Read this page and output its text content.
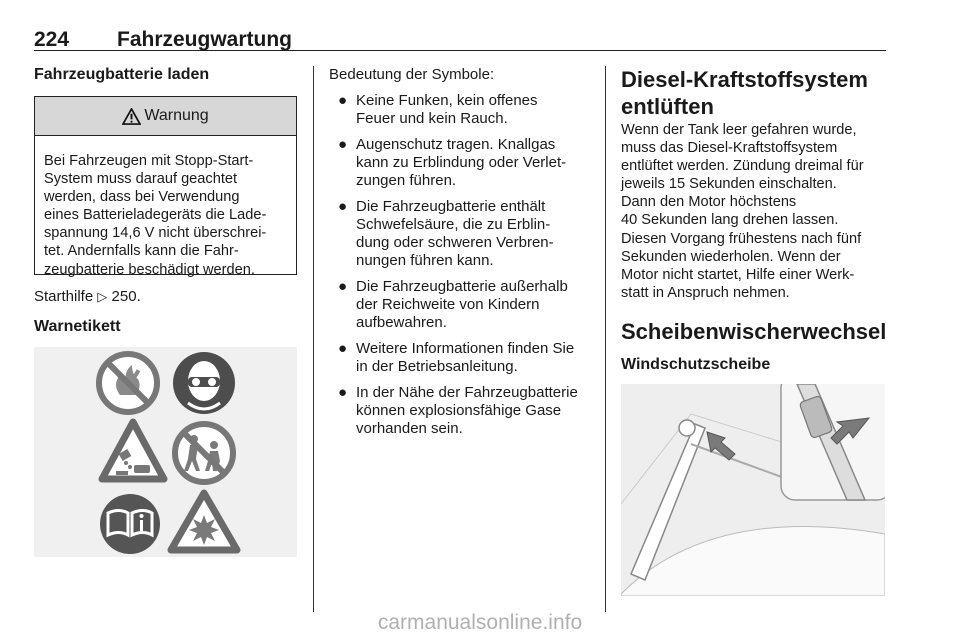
224 Fahrzeugwartung
Fahrzeugbatterie laden
Warnung
Bei Fahrzeugen mit Stopp-Start-
System muss darauf geachtet
werden, dass bei Verwendung
eines Batterieladegeräts die Lade-
spannung 14,6 V nicht überschrei-
tet. Andernfalls kann die Fahr-
zeugbatterie beschädigt werden.
Starthilfe ▷ 250.
Warnetikett
Bedeutung der Symbole:
● Keine Funken, kein offenes
Feuer und kein Rauch.
● Augenschutz tragen. Knallgas
kann zu Erblindung oder Verlet-
zungen führen.
● Die Fahrzeugbatterie enthält
Schwefelsäure, die zu Erblin-
dung oder schweren Verbren-
nungen führen kann.
● Die Fahrzeugbatterie außerhalb
der Reichweite von Kindern
aufbewahren.
● Weitere Informationen finden Sie
in der Betriebsanleitung.
● In der Nähe der Fahrzeugbatterie
können explosionsfähige Gase
vorhanden sein.
Diesel-Kraftstoffsystem
entlüften
Wenn der Tank leer gefahren wurde,
muss das Diesel-Kraftstoffsystem
entlüftet werden. Zündung dreimal für
jeweils 15 Sekunden einschalten.
Dann den Motor höchstens
40 Sekunden lang drehen lassen.
Diesen Vorgang frühestens nach fünf
Sekunden wiederholen. Wenn der
Motor nicht startet, Hilfe einer Werk-
statt in Anspruch nehmen.
Scheibenwischerwechsel
Windschutzscheibe
carmanualsonline.info
